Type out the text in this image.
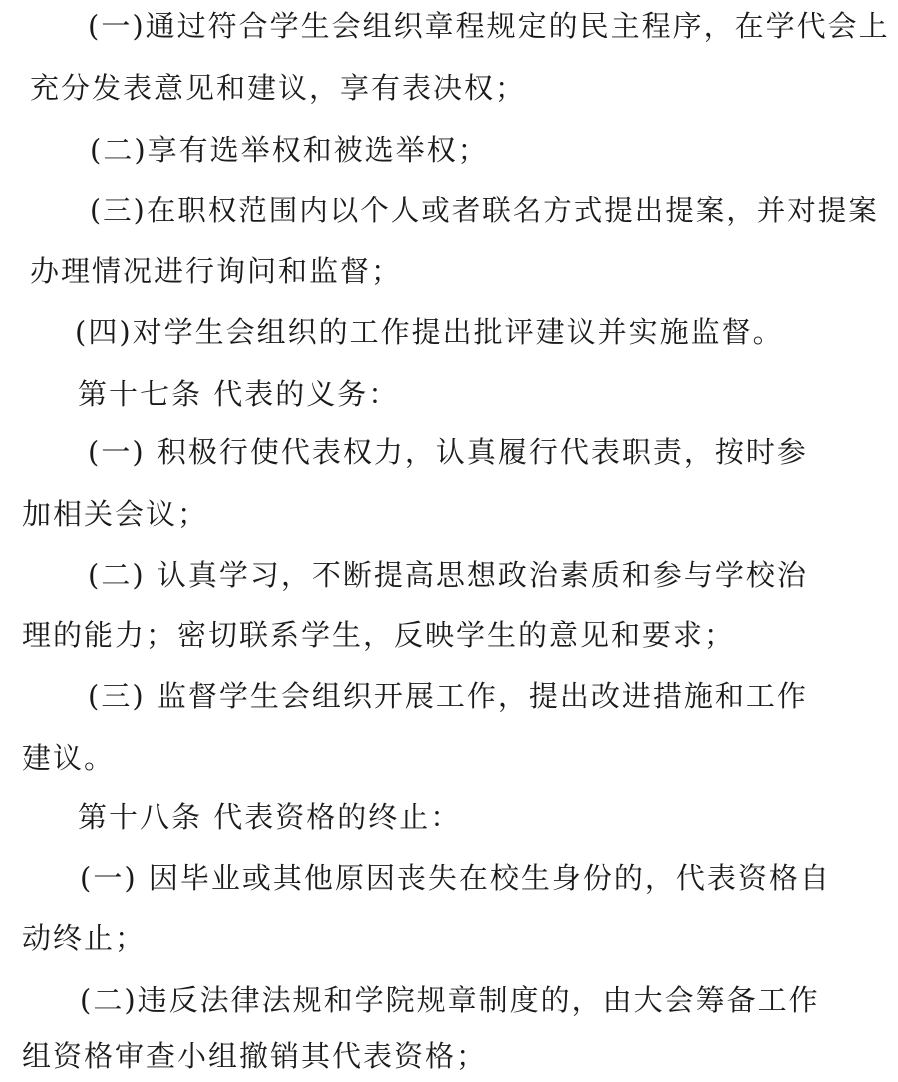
(一)通过符合学生会组织章程规定的民主程序，在学代会上
充分发表意见和建议，享有表决权；
(二)享有选举权和被选举权；
(三)在职权范围内以个人或者联名方式提出提案，并对提案
办理情况进行询问和监督；
(四)对学生会组织的工作提出批评建议并实施监督。
第十七条 代表的义务：
(一) 积极行使代表权力，认真履行代表职责，按时参
加相关会议；
(二) 认真学习，不断提高思想政治素质和参与学校治
理的能力；密切联系学生，反映学生的意见和要求；
(三) 监督学生会组织开展工作，提出改进措施和工作
建议。
第十八条 代表资格的终止：
(一) 因毕业或其他原因丧失在校生身份的，代表资格自
动终止；
(二)违反法律法规和学院规章制度的，由大会筹备工作
组资格审查小组撤销其代表资格；
